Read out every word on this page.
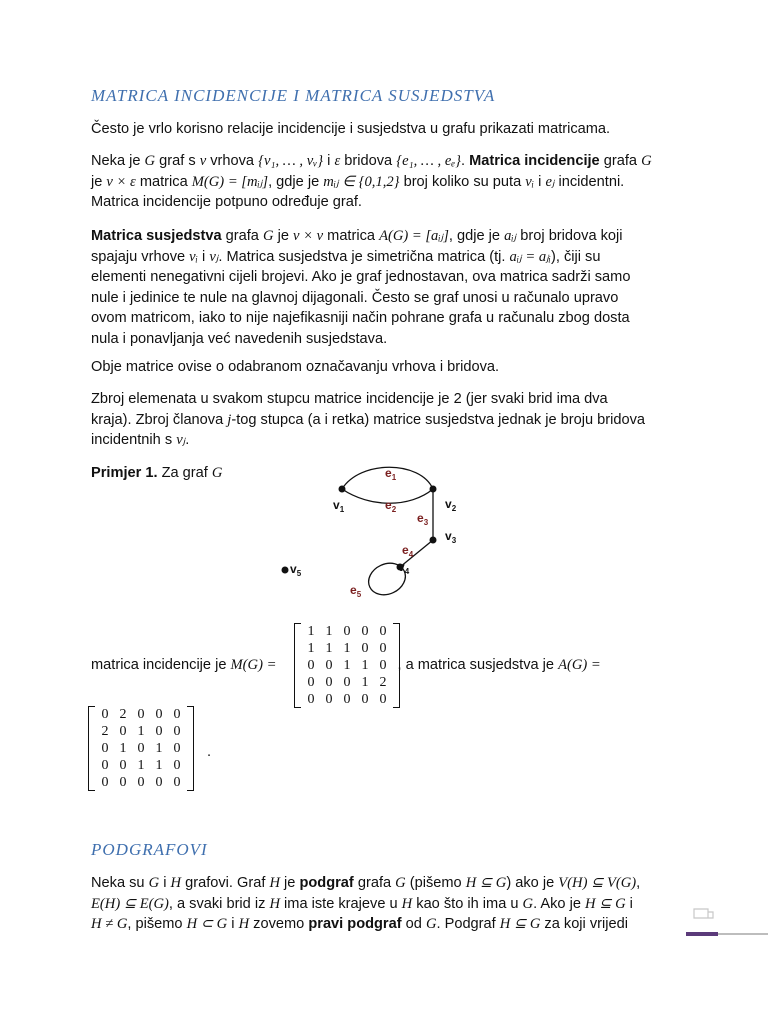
MATRICA INCIDENCIJE I MATRICA SUSJEDSTVA

Često je vrlo korisno relacije incidencije i susjedstva u grafu prikazati matricama.

Neka je G graf s ν vrhova {v₁, … , vᵥ} i ε bridova {e₁, … , eₑ}. Matrica incidencije grafa G
je ν × ε matrica M(G) = [mᵢⱼ], gdje je mᵢⱼ ∈ {0,1,2} broj koliko su puta vᵢ i eⱼ incidentni.
Matrica incidencije potpuno određuje graf.

Matrica susjedstva grafa G je ν × ν matrica A(G) = [aᵢⱼ], gdje je aᵢⱼ broj bridova koji
spajaju vrhove vᵢ i vⱼ. Matrica susjedstva je simetrična matrica (tj. aᵢⱼ = aⱼᵢ), čiji su
elementi nenegativni cijeli brojevi. Ako je graf jednostavan, ova matrica sadrži samo
nule i jedinice te nule na glavnoj dijagonali. Često se graf unosi u računalo upravo
ovom matricom, iako to nije najefikasniji način pohrane grafa u računalu zbog dosta
nula i ponavljanja već navedenih susjedstava.

Obje matrice ovise o odabranom označavanju vrhova i bridova.

Zbroj elemenata u svakom stupcu matrice incidencije je 2 (jer svaki brid ima dva
kraja). Zbroj članova j-tog stupca (a i retka) matrice susjedstva jednak je broju bridova
incidentnih s vⱼ.

Primjer 1. Za graf G	$e_1$
$e_2$
$e_3$
$e_4$
$e_5$
$v_1$	$v_2$
$v_3$
$v_4$
$v_5$

matrica incidencije je M(G) =	, a matrica susjedstva je A(G) =

1	1	0	0	0
1	1	1	0	0
0	0	1	1	0
0	0	0	1	2
0	0	0	0	0
0	2	0	0	0
2	0	1	0	0
0	1	0	1	0
0	0	1	1	0
0	0	0	0	0
.
PODGRAFOVI

Neka su G i H grafovi. Graf H je podgraf grafa G (pišemo H ⊆ G) ako je V(H) ⊆ V(G),
E(H) ⊆ E(G), a svaki brid iz H ima iste krajeve u H kao što ih ima u G. Ako je H ⊆ G i
H ≠ G, pišemo H ⊂ G i H zovemo pravi podgraf od G. Podgraf H ⊆ G za koji vrijedi
